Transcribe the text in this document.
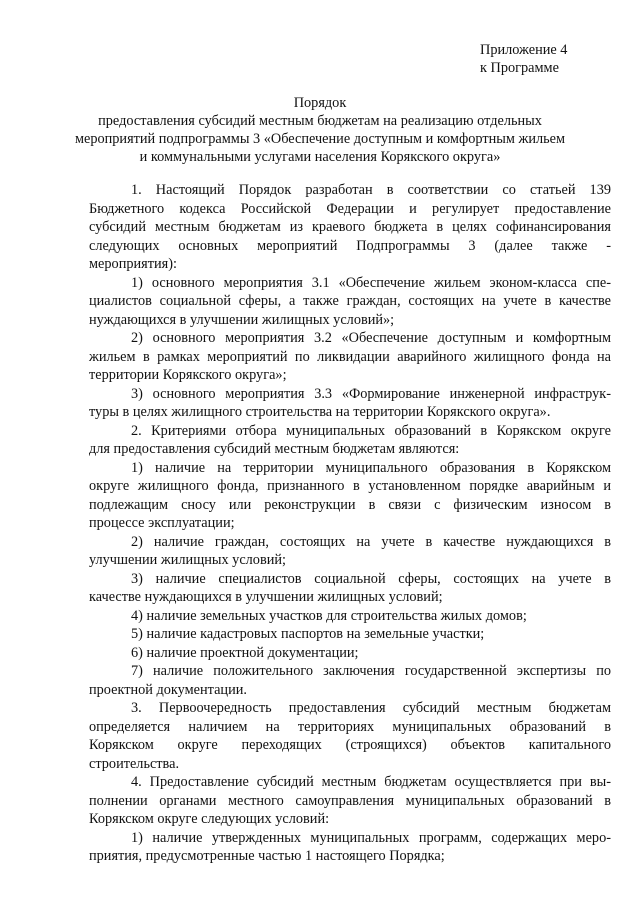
Приложение 4
к Программе
Порядок
предоставления субсидий местным бюджетам на реализацию отдельных
мероприятий подпрограммы 3 «Обеспечение доступным и комфортным жильем
и коммунальными услугами населения Корякского округа»
1. Настоящий Порядок разработан в соответствии со статьей 139
Бюджетного кодекса Российской Федерации и регулирует предоставление
субсидий местным бюджетам из краевого бюджета в целях софинансирования
следующих основных мероприятий Подпрограммы 3 (далее также -
мероприятия):
1) основного мероприятия 3.1 «Обеспечение жильем эконом-класса спе-
циалистов социальной сферы, а также граждан, состоящих на учете в качестве
нуждающихся в улучшении жилищных условий»;
2) основного мероприятия 3.2 «Обеспечение доступным и комфортным
жильем в рамках мероприятий по ликвидации аварийного жилищного фонда на
территории Корякского округа»;
3) основного мероприятия 3.3 «Формирование инженерной инфраструк-
туры в целях жилищного строительства на территории Корякского округа».
2. Критериями отбора муниципальных образований в Корякском округе
для предоставления субсидий местным бюджетам являются:
1) наличие на территории муниципального образования в Корякском
округе жилищного фонда, признанного в установленном порядке аварийным и
подлежащим сносу или реконструкции в связи с физическим износом в
процессе эксплуатации;
2) наличие граждан, состоящих на учете в качестве нуждающихся в
улучшении жилищных условий;
3) наличие специалистов социальной сферы, состоящих на учете в
качестве нуждающихся в улучшении жилищных условий;
4) наличие земельных участков для строительства жилых домов;
5) наличие кадастровых паспортов на земельные участки;
6) наличие проектной документации;
7) наличие положительного заключения государственной экспертизы по
проектной документации.
3. Первоочередность предоставления субсидий местным бюджетам
определяется наличием на территориях муниципальных образований в
Корякском округе переходящих (строящихся) объектов капитального
строительства.
4. Предоставление субсидий местным бюджетам осуществляется при вы-
полнении органами местного самоуправления муниципальных образований в
Корякском округе следующих условий:
1) наличие утвержденных муниципальных программ, содержащих меро-
приятия, предусмотренные частью 1 настоящего Порядка;
